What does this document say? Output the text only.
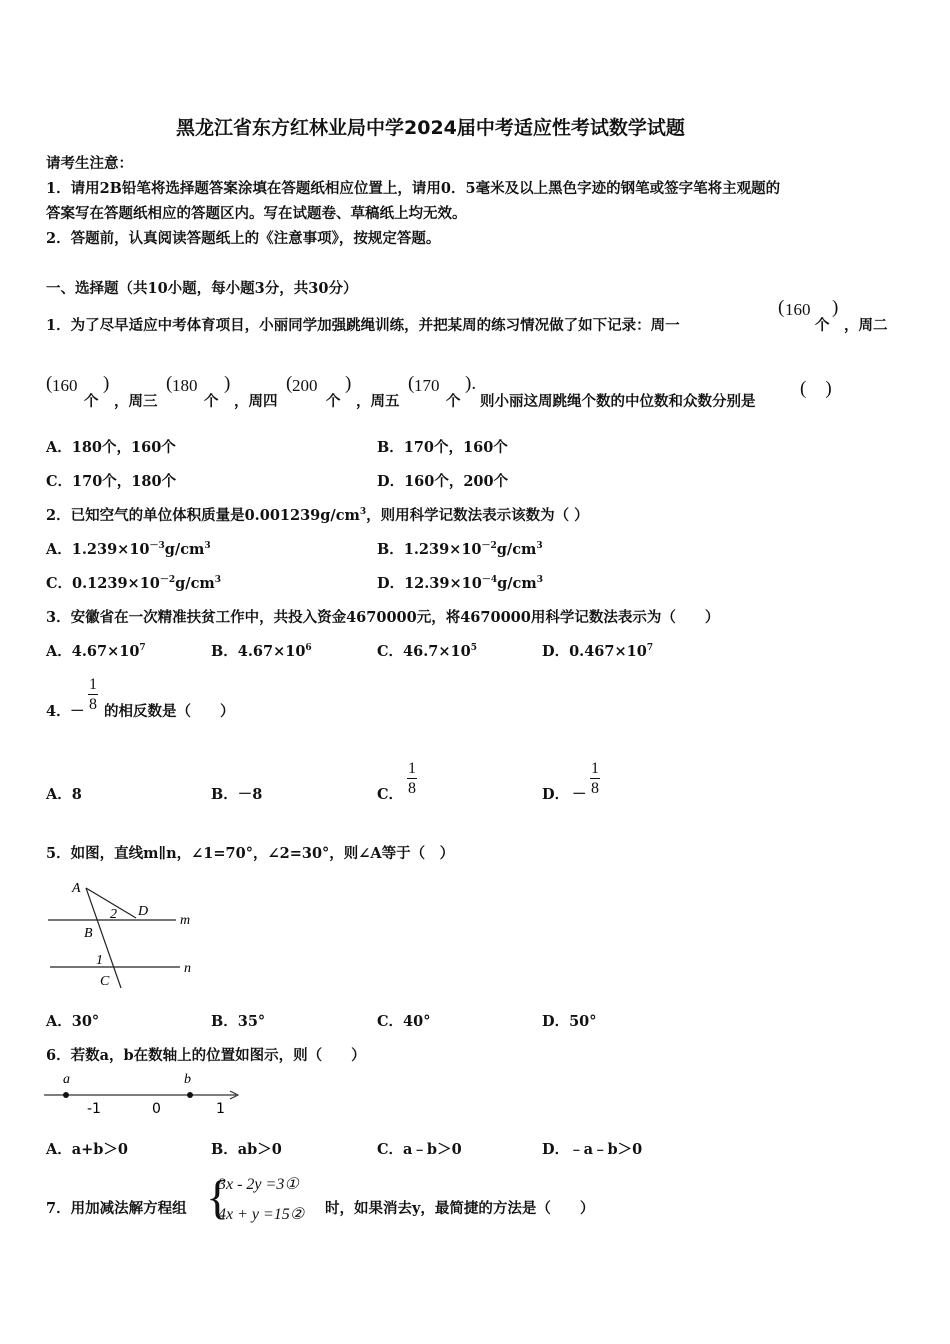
黑龙江省东方红林业局中学2024届中考适应性考试数学试题
请考生注意：
1．请用2B铅笔将选择题答案涂填在答题纸相应位置上，请用0．5毫米及以上黑色字迹的钢笔或签字笔将主观题的
答案写在答题纸相应的答题区内。写在试题卷、草稿纸上均无效。
2．答题前，认真阅读答题纸上的《注意事项》，按规定答题。
一、选择题（共10小题，每小题3分，共30分）
1．为了尽早适应中考体育项目，小丽同学加强跳绳训练，并把某周的练习情况做了如下记录：周一
( 160
个
)
，周二
( 160
个
)
，周三
( 180
个
)
，周四
( 200
个
)
，周五
( 170
个
).
则小丽这周跳绳个数的中位数和众数分别是
(　)
A．180个，160个	B．170个，160个
C．170个，180个	D．160个，200个
2．已知空气的单位体积质量是$0.001239g/cm^3$，则用科学记数法表示该数为（ ）
A．$1.239\times 10^{-3}g/cm^3$	B．$1.239\times 10^{-2}g/cm^3$
C．$0.1239\times 10^{-2}g/cm^3$	D．$12.39\times 10^{-4}g/cm^3$
3．安徽省在一次精准扶贫工作中，共投入资金4670000元，将4670000用科学记数法表示为（　　）
A．$4.67\times 10^7$	B．$4.67\times 10^6$	C．$46.7\times 10^5$	D．$0.467\times 10^7$
4． －
1
8 的相反数是（　　）
A．8	B．－8	C．
1
8	D． －
1
8
5．如图，直线m∥n，∠1=70°，∠2=30°，则∠A等于（　）
A
B
C
D
m
n
1
2
A．30°	B．35°	C．40°	D．50°
6．若数a，b在数轴上的位置如图示，则（　　）
a	b
-1	0	1
A．a+b＞0	B．ab＞0	C．a﹣b＞0	D．﹣a﹣b＞0
7．用加减法解方程组 {
3x - 2y =3①
4x + y =15② 时，如果消去y，最简捷的方法是（　　）
